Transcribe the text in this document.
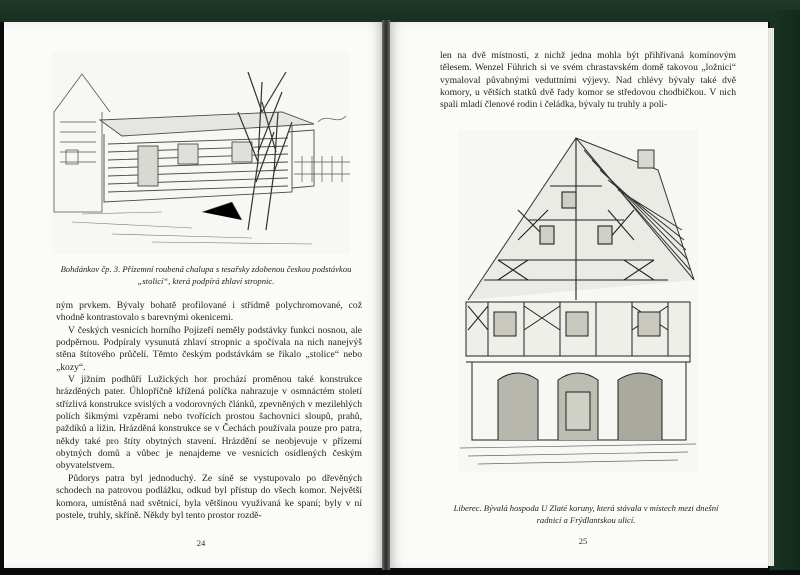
Bohdánkov čp. 3. Přízemní roubená chalupa s tesařsky zdobenou českou podstávkou „stolicí“, která podpírá zhlaví stropnic.

ným prvkem. Bývaly bohatě profilované i střídmě polychromované, což vhodně kontrastovalo s barevnými okenicemi.

V českých vesnicích horního Pojizeří neměly podstávky funkci nosnou, ale podpěrnou. Podpíraly vysunutá zhlaví stropnic a spočívala na nich nanejvýš stěna štítového průčelí. Těmto českým podstávkám se říkalo „stolice“ nebo „kozy“.

V jižním podhůří Lužických hor prochází proměnou také konstrukce hrázděných pater. Úhlopříčně křížená políčka nahrazuje v osmnáctém století střízlivá konstrukce svislých a vodorovných článků, zpevněných v mezilehlých polích šikmými vzpěrami nebo tvořících prostou šachovnici sloupů, prahů, paždíků a ližin. Hrázděná konstrukce se v Čechách používala pouze pro patra, někdy také pro štíty obytných stavení. Hrázdění se neobjevuje v přízemí obytných domů a vůbec je nenajdeme ve vesnicích osídlených českým obyvatelstvem.

Půdorys patra byl jednoduchý. Ze síně se vystupovalo po dřevěných schodech na patrovou podlážku, odkud byl přístup do všech komor. Největší komora, umístěná nad světnicí, byla většinou využívaná ke spaní; byly v ní postele, truhly, skříně. Někdy byl tento prostor rozdě-

24

len na dvě místnosti, z nichž jedna mohla být přihřívaná komínovým tělesem. Wenzel Führich si ve svém chrastavském domě takovou „ložnici“ vymaloval půvabnými veduttními výjevy. Nad chlévy bývaly také dvě komory, u větších statků dvě řady komor se středovou chodbičkou. V nich spali mladí členové rodin i čeládka, bývaly tu truhly a poli-

Liberec. Bývalá hospoda U Zlaté koruny, která stávala v místech mezi dnešní radnicí a Frýdlantskou ulicí.
25
